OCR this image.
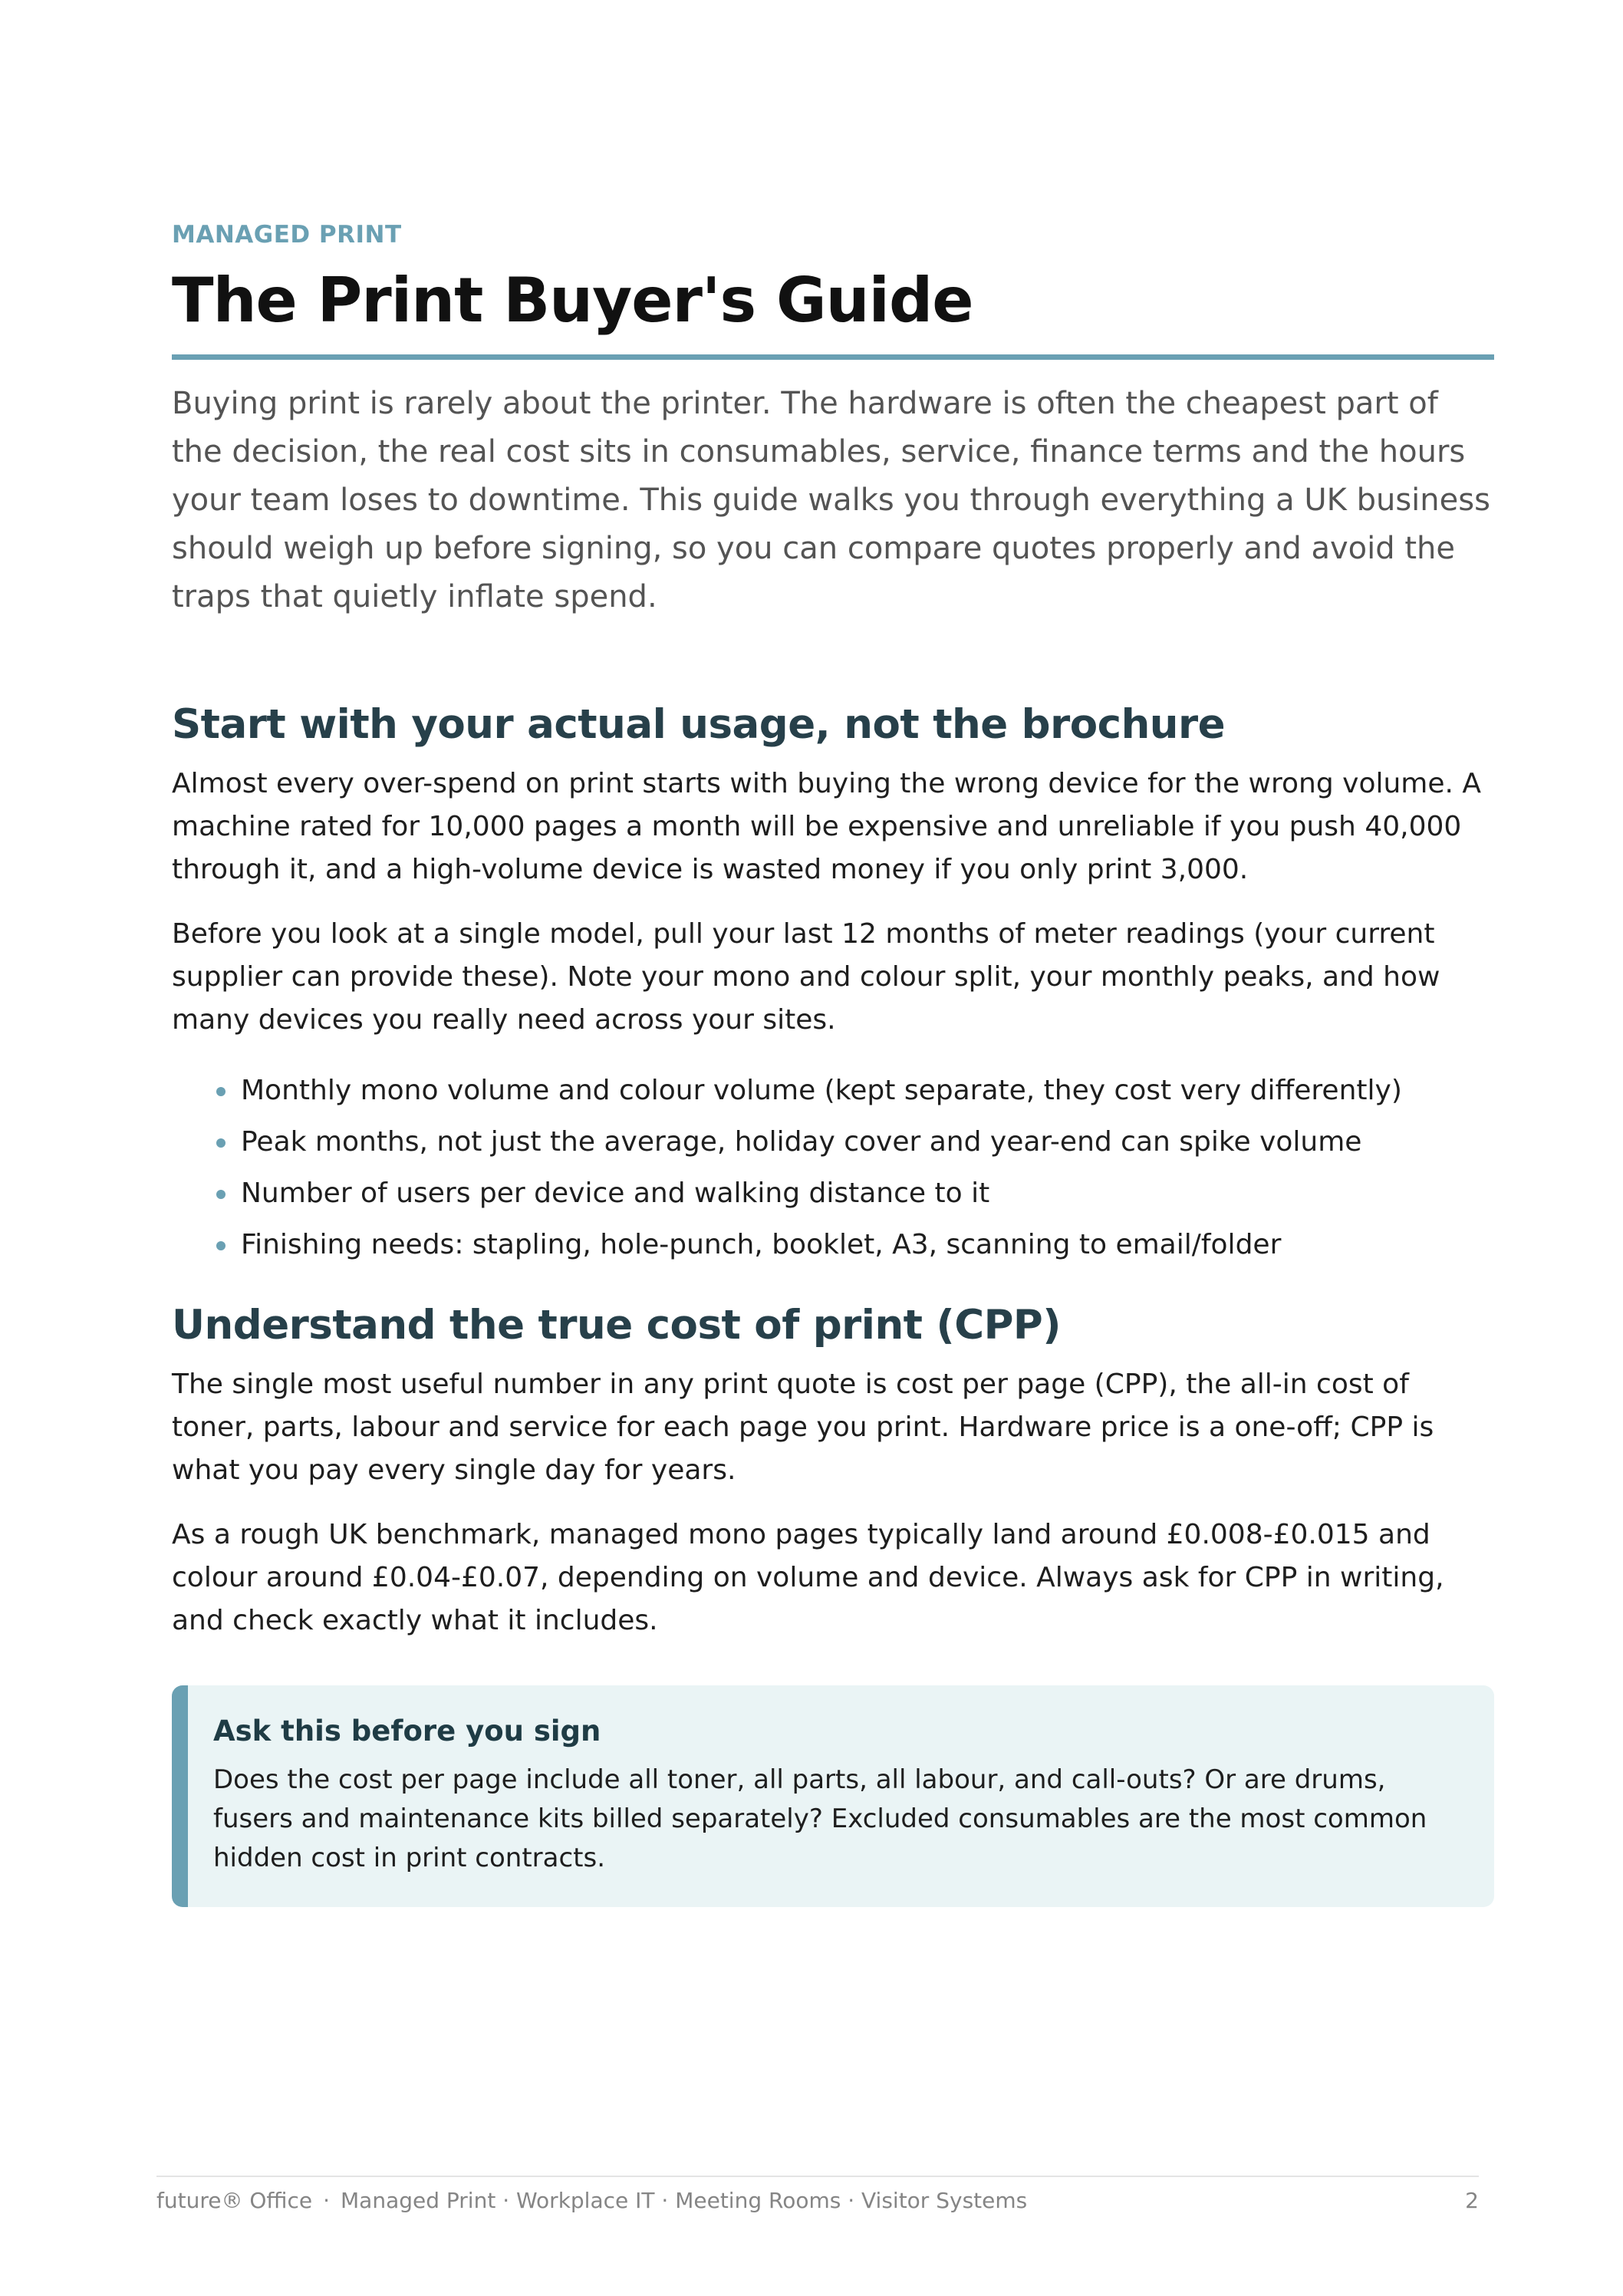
MANAGED PRINT
The Print Buyer's Guide

Buying print is rarely about the printer. The hardware is often the cheapest part of the decision, the real cost sits in consumables, service, finance terms and the hours your team loses to downtime. This guide walks you through everything a UK business should weigh up before signing, so you can compare quotes properly and avoid the traps that quietly inflate spend.

Start with your actual usage, not the brochure

Almost every over-spend on print starts with buying the wrong device for the wrong volume. A machine rated for 10,000 pages a month will be expensive and unreliable if you push 40,000 through it, and a high-volume device is wasted money if you only print 3,000.

Before you look at a single model, pull your last 12 months of meter readings (your current supplier can provide these). Note your mono and colour split, your monthly peaks, and how many devices you really need across your sites.

Monthly mono volume and colour volume (kept separate, they cost very differently)
Peak months, not just the average, holiday cover and year-end can spike volume
Number of users per device and walking distance to it
Finishing needs: stapling, hole-punch, booklet, A3, scanning to email/folder
Understand the true cost of print (CPP)

The single most useful number in any print quote is cost per page (CPP), the all-in cost of toner, parts, labour and service for each page you print. Hardware price is a one-off; CPP is what you pay every single day for years.

As a rough UK benchmark, managed mono pages typically land around £0.008-£0.015 and colour around £0.04-£0.07, depending on volume and device. Always ask for CPP in writing, and check exactly what it includes.

Ask this before you sign
Does the cost per page include all toner, all parts, all labour, and call-outs? Or are drums, fusers and maintenance kits billed separately? Excluded consumables are the most common hidden cost in print contracts.
future® Office · Managed Print · Workplace IT · Meeting Rooms · Visitor Systems	2
